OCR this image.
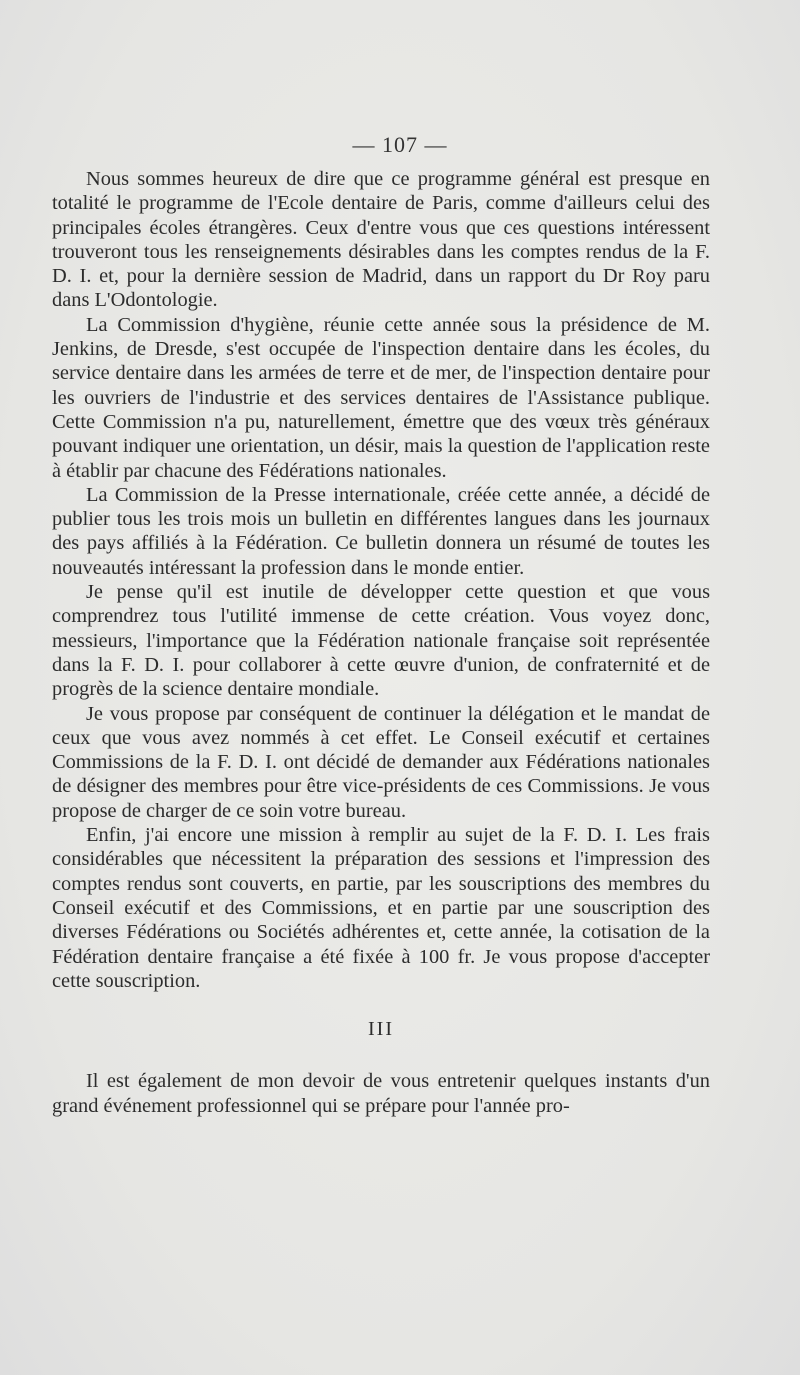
— 107 —

Nous sommes heureux de dire que ce programme général est presque en totalité le programme de l'Ecole dentaire de Paris, comme d'ailleurs celui des principales écoles étrangères. Ceux d'entre vous que ces questions intéressent trouveront tous les renseignements désirables dans les comptes rendus de la F. D. I. et, pour la dernière session de Madrid, dans un rapport du Dr Roy paru dans L'Odontologie.

La Commission d'hygiène, réunie cette année sous la présidence de M. Jenkins, de Dresde, s'est occupée de l'inspection dentaire dans les écoles, du service dentaire dans les armées de terre et de mer, de l'inspection dentaire pour les ouvriers de l'industrie et des services dentaires de l'Assistance publique. Cette Commission n'a pu, naturellement, émettre que des vœux très généraux pouvant indiquer une orientation, un désir, mais la question de l'application reste à établir par chacune des Fédérations nationales.

La Commission de la Presse internationale, créée cette année, a décidé de publier tous les trois mois un bulletin en différentes langues dans les journaux des pays affiliés à la Fédération. Ce bulletin donnera un résumé de toutes les nouveautés intéressant la profession dans le monde entier.

Je pense qu'il est inutile de développer cette question et que vous comprendrez tous l'utilité immense de cette création. Vous voyez donc, messieurs, l'importance que la Fédération nationale française soit représentée dans la F. D. I. pour collaborer à cette œuvre d'union, de confraternité et de progrès de la science dentaire mondiale.

Je vous propose par conséquent de continuer la délégation et le mandat de ceux que vous avez nommés à cet effet. Le Conseil exécutif et certaines Commissions de la F. D. I. ont décidé de demander aux Fédérations nationales de désigner des membres pour être vice-présidents de ces Commissions. Je vous propose de charger de ce soin votre bureau.

Enfin, j'ai encore une mission à remplir au sujet de la F. D. I. Les frais considérables que nécessitent la préparation des sessions et l'impression des comptes rendus sont couverts, en partie, par les souscriptions des membres du Conseil exécutif et des Commissions, et en partie par une souscription des diverses Fédérations ou Sociétés adhérentes et, cette année, la cotisation de la Fédération dentaire française a été fixée à 100 fr. Je vous propose d'accepter cette souscription.

III

Il est également de mon devoir de vous entretenir quelques instants d'un grand événement professionnel qui se prépare pour l'année pro-
